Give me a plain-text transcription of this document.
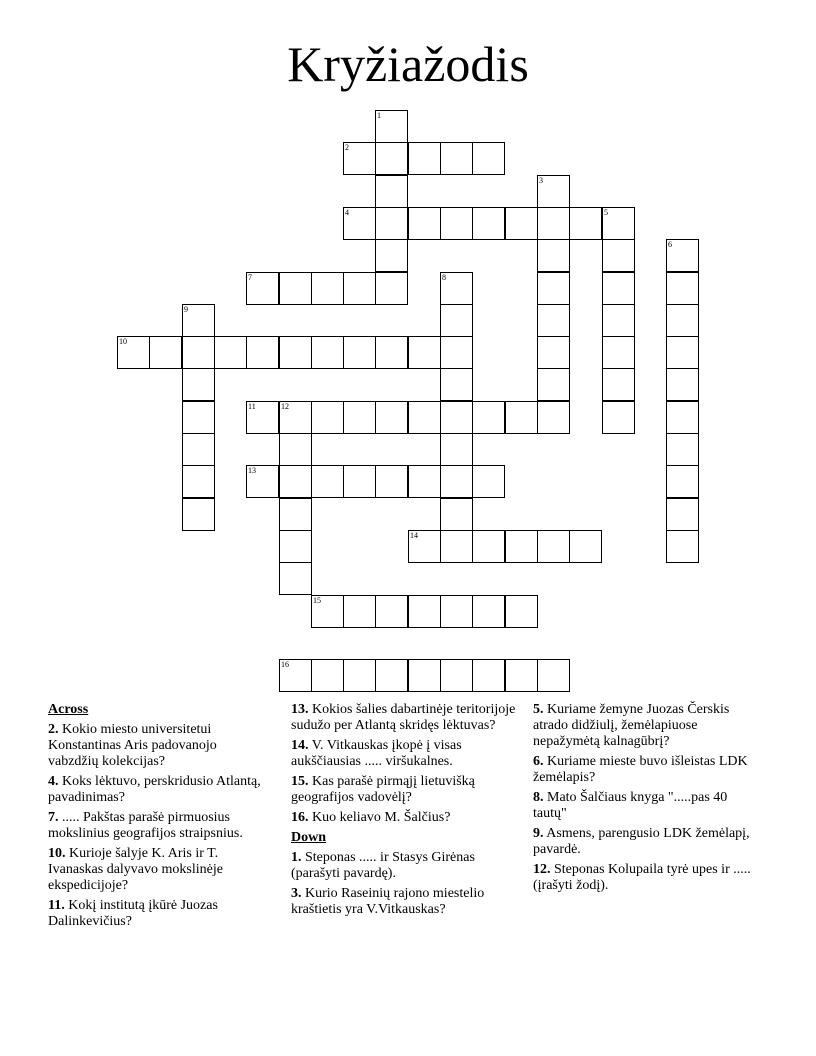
Kryžiažodis
1
2
3
4	5
6
7	8
9
10
11	12
13
14
15
16
Across
2. Kokio miesto universitetui Konstantinas Aris padovanojo vabzdžių kolekcijas?
4. Koks lėktuvo, perskridusio Atlantą, pavadinimas?
7. ..... Pakštas parašė pirmuosius mokslinius geografijos straipsnius.
10. Kurioje šalyje K. Aris ir T. Ivanaskas dalyvavo mokslinėje ekspedicijoje?
11. Kokį institutą įkūrė Juozas Dalinkevičius?
13. Kokios šalies dabartinėje teritorijoje sudužo per Atlantą skridęs lėktuvas?
14. V. Vitkauskas įkopė į visas aukščiausias ..... viršukalnes.
15. Kas parašė pirmąjį lietuvišką geografijos vadovėlį?
16. Kuo keliavo M. Šalčius?
Down
1. Steponas ..... ir Stasys Girėnas (parašyti pavardę).
3. Kurio Raseinių rajono miestelio kraštietis yra V.Vitkauskas?
5. Kuriame žemyne Juozas Čerskis atrado didžiulį, žemėlapiuose nepažymėtą kalnagūbrį?
6. Kuriame mieste buvo išleistas LDK žemėlapis?
8. Mato Šalčiaus knyga ".....pas 40 tautų"
9. Asmens, parengusio LDK žemėlapį, pavardė.
12. Steponas Kolupaila tyrė upes ir ..... (įrašyti žodį).
